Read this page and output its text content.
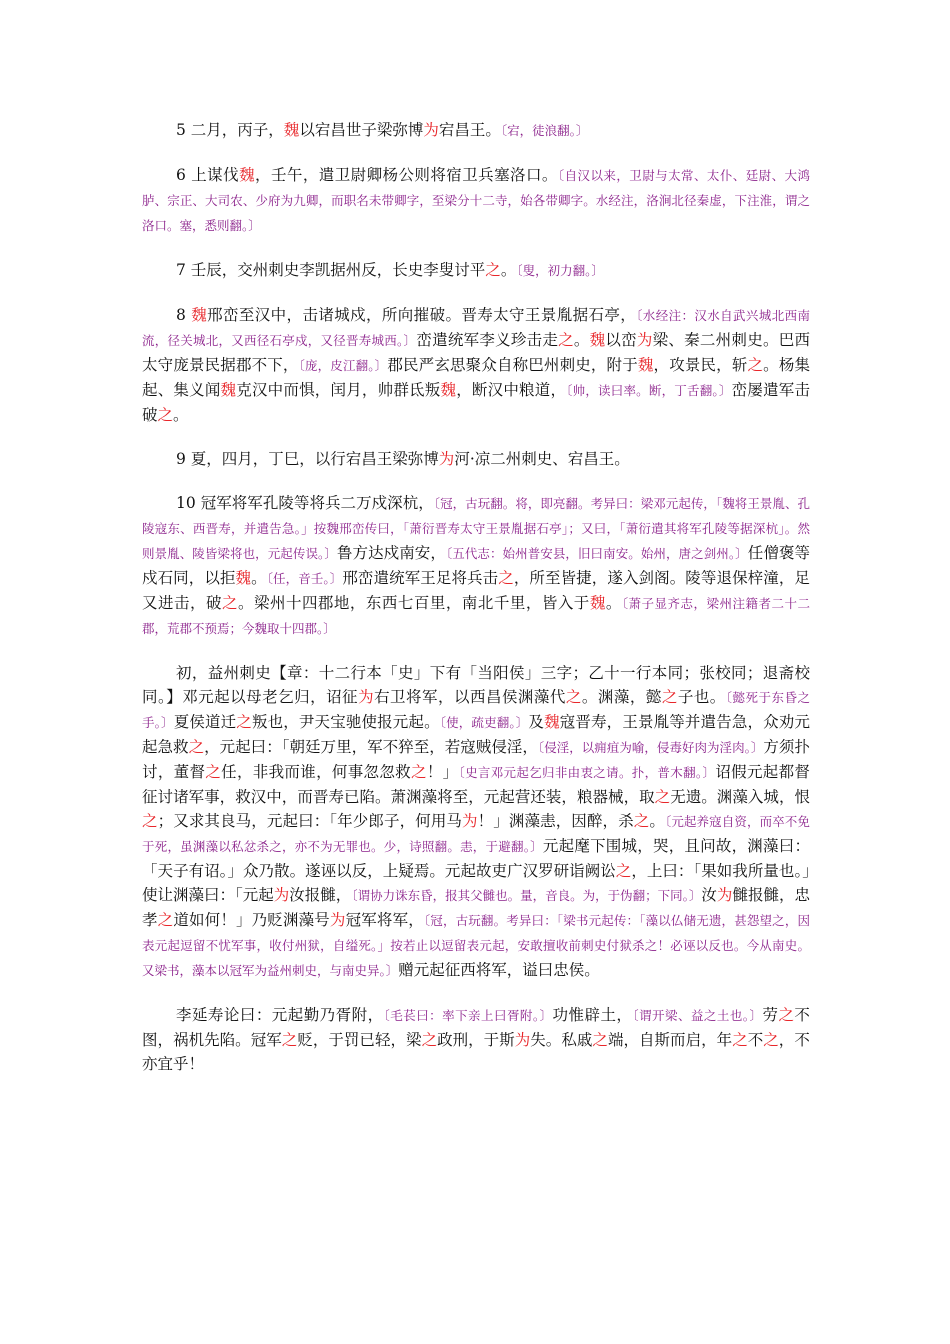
5 二月，丙子，魏以宕昌世子梁弥博为宕昌王。〔宕，徒浪翻。〕

6 上谋伐魏，壬午，遣卫尉卿杨公则将宿卫兵塞洛口。〔自汉以来，卫尉与太常、太仆、廷尉、大鸿胪、宗正、大司农、少府为九卿，而职名未带卿字，至梁分十二寺，始各带卿字。水经注，洛涧北径秦虚，下注淮，谓之洛口。塞，悉则翻。〕

7 壬辰，交州刺史李凯据州反，长史李叟讨平之。〔叟，初力翻。〕

8 魏邢峦至汉中，击诸城戍，所向摧破。晋寿太守王景胤据石亭，〔水经注：汉水自武兴城北西南流，径关城北，又西径石亭戍，又径晋寿城西。〕峦遣统军李义珍击走之。魏以峦为梁、秦二州刺史。巴西太守庞景民据郡不下，〔庞，皮江翻。〕郡民严玄思聚众自称巴州刺史，附于魏，攻景民，斩之。杨集起、集义闻魏克汉中而惧，闰月，帅群氐叛魏，断汉中粮道，〔帅，读曰率。断，丁舌翻。〕峦屡遣军击破之。

9 夏，四月，丁巳，以行宕昌王梁弥博为河·凉二州刺史、宕昌王。

10 冠军将军孔陵等将兵二万戍深杭，〔冠，古玩翻。将，即亮翻。考异曰：梁邓元起传，「魏将王景胤、孔陵寇东、西晋寿，并遣告急。」按魏邢峦传曰，「萧衍晋寿太守王景胤据石亭」；又曰，「萧衍遣其将军孔陵等据深杭」。然则景胤、陵皆梁将也，元起传误。〕鲁方达戍南安，〔五代志：始州普安县，旧曰南安。始州，唐之剑州。〕任僧褒等戍石同，以拒魏。〔任，音壬。〕邢峦遣统军王足将兵击之，所至皆捷，遂入剑阁。陵等退保梓潼，足又进击，破之。梁州十四郡地，东西七百里，南北千里，皆入于魏。〔萧子显齐志，梁州注籍者二十二郡，荒郡不预焉；今魏取十四郡。〕

初，益州刺史【章：十二行本「史」下有「当阳侯」三字；乙十一行本同；张校同；退斋校同。】邓元起以母老乞归，诏征为右卫将军，以西昌侯渊藻代之。渊藻，懿之子也。〔懿死于东昏之手。〕夏侯道迁之叛也，尹天宝驰使报元起。〔使，疏吏翻。〕及魏寇晋寿，王景胤等并遣告急，众劝元起急救之，元起曰：「朝廷万里，军不猝至，若寇贼侵淫，〔侵淫，以痈疽为喻，侵毒好肉为淫肉。〕方须扑讨，董督之任，非我而谁，何事忽忽救之！」〔史言邓元起乞归非由衷之请。扑，普木翻。〕诏假元起都督征讨诸军事，救汉中，而晋寿已陷。萧渊藻将至，元起营还装，粮器械，取之无遗。渊藻入城，恨之；又求其良马，元起曰：「年少郎子，何用马为！」渊藻恚，因醉，杀之。〔元起养寇自资，而卒不免于死，虽渊藻以私忿杀之，亦不为无罪也。少，诗照翻。恚，于避翻。〕元起麾下围城，哭，且问故，渊藻曰：「天子有诏。」众乃散。遂诬以反，上疑焉。元起故吏广汉罗研诣阙讼之，上曰：「果如我所量也。」使让渊藻曰：「元起为汝报雠，〔谓协力诛东昏，报其父雠也。量，音良。为，于伪翻；下同。〕汝为雠报雠，忠孝之道如何！」乃贬渊藻号为冠军将军，〔冠，古玩翻。考异曰：「梁书元起传：「藻以仏储无遗，甚怨望之，因表元起逗留不忧军事，收付州狱，自缢死。」按若止以逗留表元起，安敢擅收前刺史付狱杀之！必诬以反也。今从南史。又梁书，藻本以冠军为益州刺史，与南史异。〕赠元起征西将军，谥曰忠侯。

李延寿论曰：元起勤乃胥附，〔毛苌曰：率下亲上曰胥附。〕功惟辟土，〔谓开梁、益之土也。〕劳之不图，祸机先陷。冠军之贬，于罚已轻，梁之政刑，于斯为失。私戚之端，自斯而启，年之不之，不亦宜乎！
